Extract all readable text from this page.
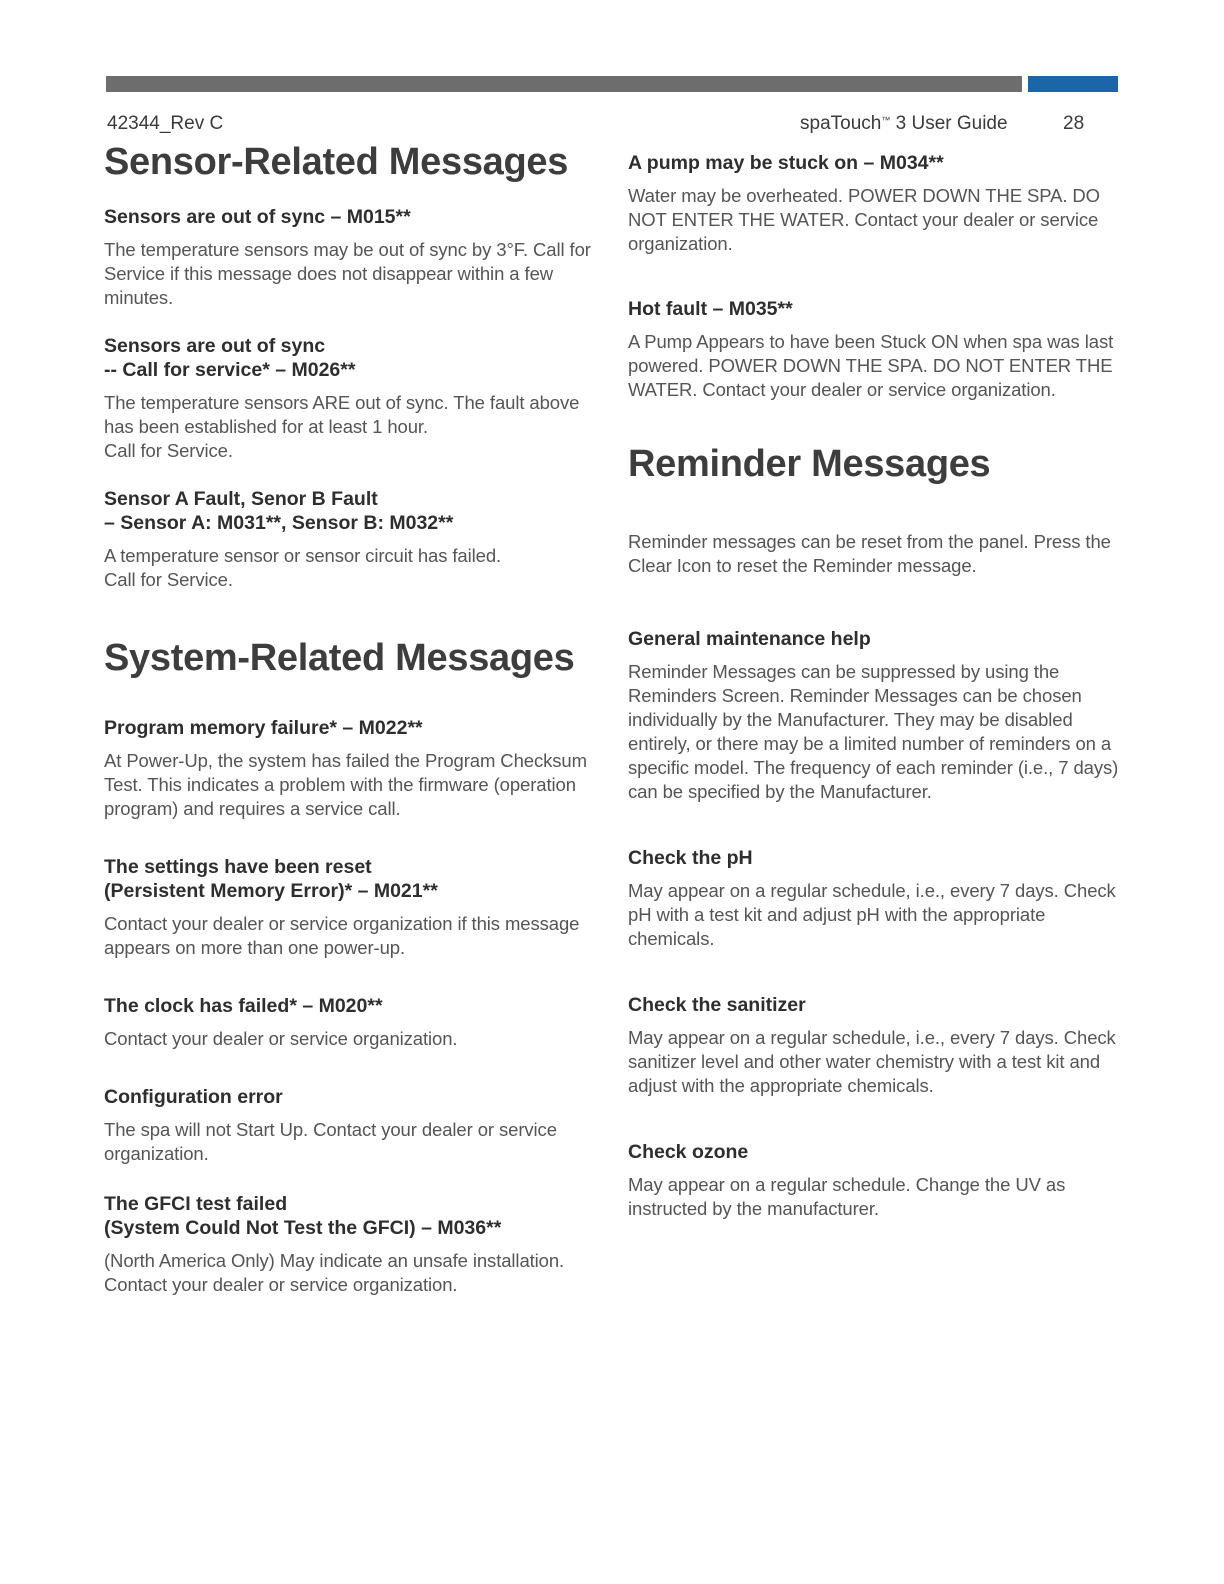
42344_Rev C	spaTouch™ 3 User Guide	28
Sensor-Related Messages
Sensors are out of sync – M015**
The temperature sensors may be out of sync by 3°F. Call for Service if this message does not disappear within a few minutes.
Sensors are out of sync
-- Call for service* – M026**
The temperature sensors ARE out of sync. The fault above has been established for at least 1 hour.
Call for Service.
Sensor A Fault, Senor B Fault
– Sensor A: M031**, Sensor B: M032**
A temperature sensor or sensor circuit has failed.
Call for Service.
System-Related Messages
Program memory failure* – M022**
At Power-Up, the system has failed the Program Checksum Test. This indicates a problem with the firmware (operation program) and requires a service call.
The settings have been reset
(Persistent Memory Error)* – M021**
Contact your dealer or service organization if this message appears on more than one power-up.
The clock has failed* – M020**
Contact your dealer or service organization.
Configuration error
The spa will not Start Up. Contact your dealer or service organization.
The GFCI test failed
(System Could Not Test the GFCI) – M036**
(North America Only) May indicate an unsafe installation. Contact your dealer or service organization.
A pump may be stuck on – M034**
Water may be overheated. POWER DOWN THE SPA. DO NOT ENTER THE WATER. Contact your dealer or service organization.
Hot fault – M035**
A Pump Appears to have been Stuck ON when spa was last powered. POWER DOWN THE SPA. DO NOT ENTER THE WATER. Contact your dealer or service organization.
Reminder Messages
Reminder messages can be reset from the panel. Press the Clear Icon to reset the Reminder message.
General maintenance help
Reminder Messages can be suppressed by using the Reminders Screen. Reminder Messages can be chosen individually by the Manufacturer. They may be disabled entirely, or there may be a limited number of reminders on a specific model. The frequency of each reminder (i.e., 7 days) can be specified by the Manufacturer.
Check the pH
May appear on a regular schedule, i.e., every 7 days. Check pH with a test kit and adjust pH with the appropriate chemicals.
Check the sanitizer
May appear on a regular schedule, i.e., every 7 days. Check sanitizer level and other water chemistry with a test kit and adjust with the appropriate chemicals.
Check ozone
May appear on a regular schedule. Change the UV as instructed by the manufacturer.
